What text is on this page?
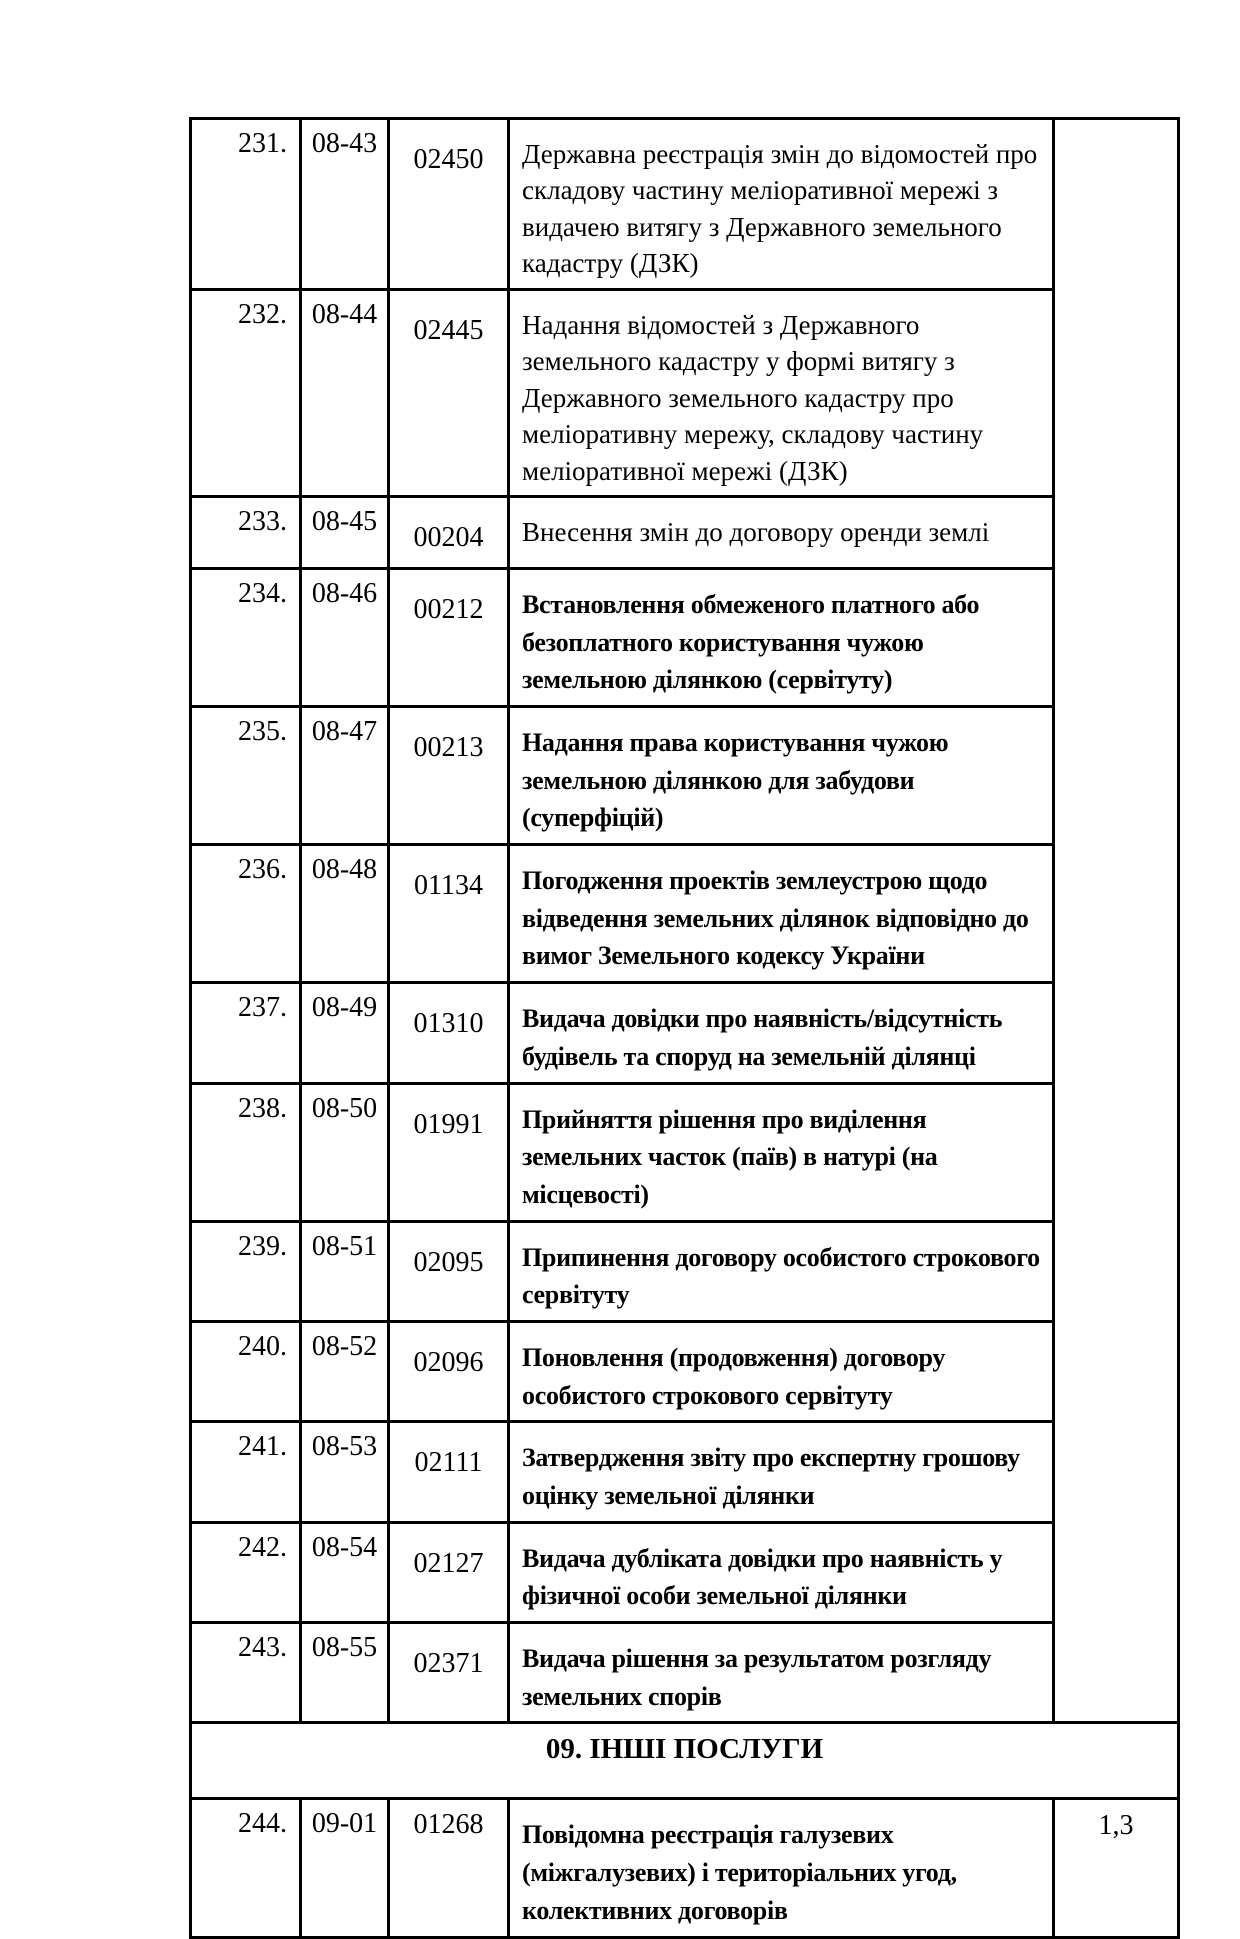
231.	08-43	02450	Державна реєстрація змін до відомостей про складову частину меліоративної мережі з видачею витягу з Державного земельного кадастру (ДЗК)	
232.	08-44	02445	Надання відомостей з Державного земельного кадастру у формі витягу з Державного земельного кадастру про меліоративну мережу, складову частину меліоративної мережі (ДЗК)	
233.	08-45	00204	Внесення змін до договору оренди землі	
234.	08-46	00212	Встановлення обмеженого платного або безоплатного користування чужою земельною ділянкою (сервітуту)	
235.	08-47	00213	Надання права користування чужою земельною ділянкою для забудови (суперфіцій)	
236.	08-48	01134	Погодження проектів землеустрою щодо відведення земельних ділянок відповідно до вимог Земельного кодексу України	
237.	08-49	01310	Видача довідки про наявність/відсутність будівель та споруд на земельній ділянці	
238.	08-50	01991	Прийняття рішення про виділення земельних часток (паїв) в натурі (на місцевості)	
239.	08-51	02095	Припинення договору особистого строкового сервітуту	
240.	08-52	02096	Поновлення (продовження) договору особистого строкового сервітуту	
241.	08-53	02111	Затвердження звіту про експертну грошову оцінку земельної ділянки	
242.	08-54	02127	Видача дубліката довідки про наявність у фізичної особи земельної ділянки	
243.	08-55	02371	Видача рішення за результатом розгляду земельних спорів	
09. ІНШІ ПОСЛУГИ				
244.	09-01	01268	Повідомна реєстрація галузевих (міжгалузевих) і територіальних угод, колективних договорів	1,3
